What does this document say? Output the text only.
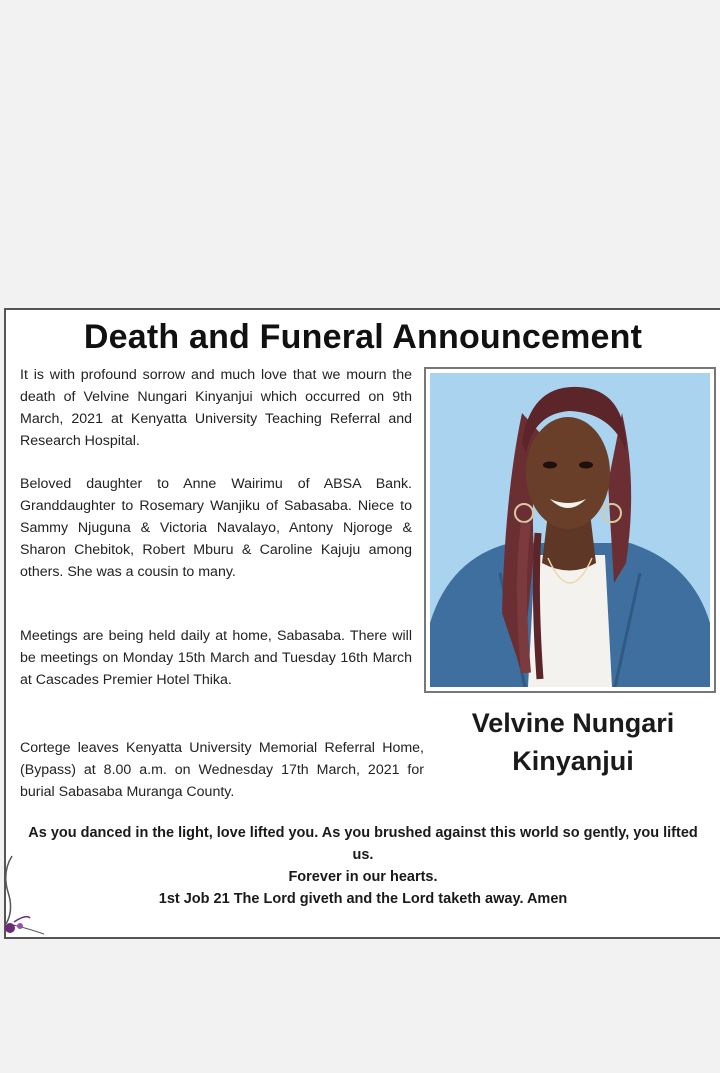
Death and Funeral Announcement

It is with profound sorrow and much love that we mourn the death of Velvine Nungari Kinyanjui which occurred on 9th March, 2021 at Kenyatta University Teaching Referral and Research Hospital.

Beloved daughter to Anne Wairimu of ABSA Bank. Granddaughter to Rosemary Wanjiku of Sabasaba. Niece to Sammy Njuguna & Victoria Navalayo, Antony Njoroge & Sharon Chebitok, Robert Mburu & Caroline Kajuju among others. She was a cousin to many.

Meetings are being held daily at home, Sabasaba. There will be meetings on Monday 15th March and Tuesday 16th March at Cascades Premier Hotel Thika.

Cortege leaves Kenyatta University Memorial Referral Home, (Bypass) at 8.00 a.m. on Wednesday 17th March, 2021 for burial Sabasaba Muranga County.

Velvine Nungari
Kinyanjui
As you danced in the light, love lifted you. As you brushed against this world so gently, you lifted us.
Forever in our hearts.
1st Job 21 The Lord giveth and the Lord taketh away. Amen
